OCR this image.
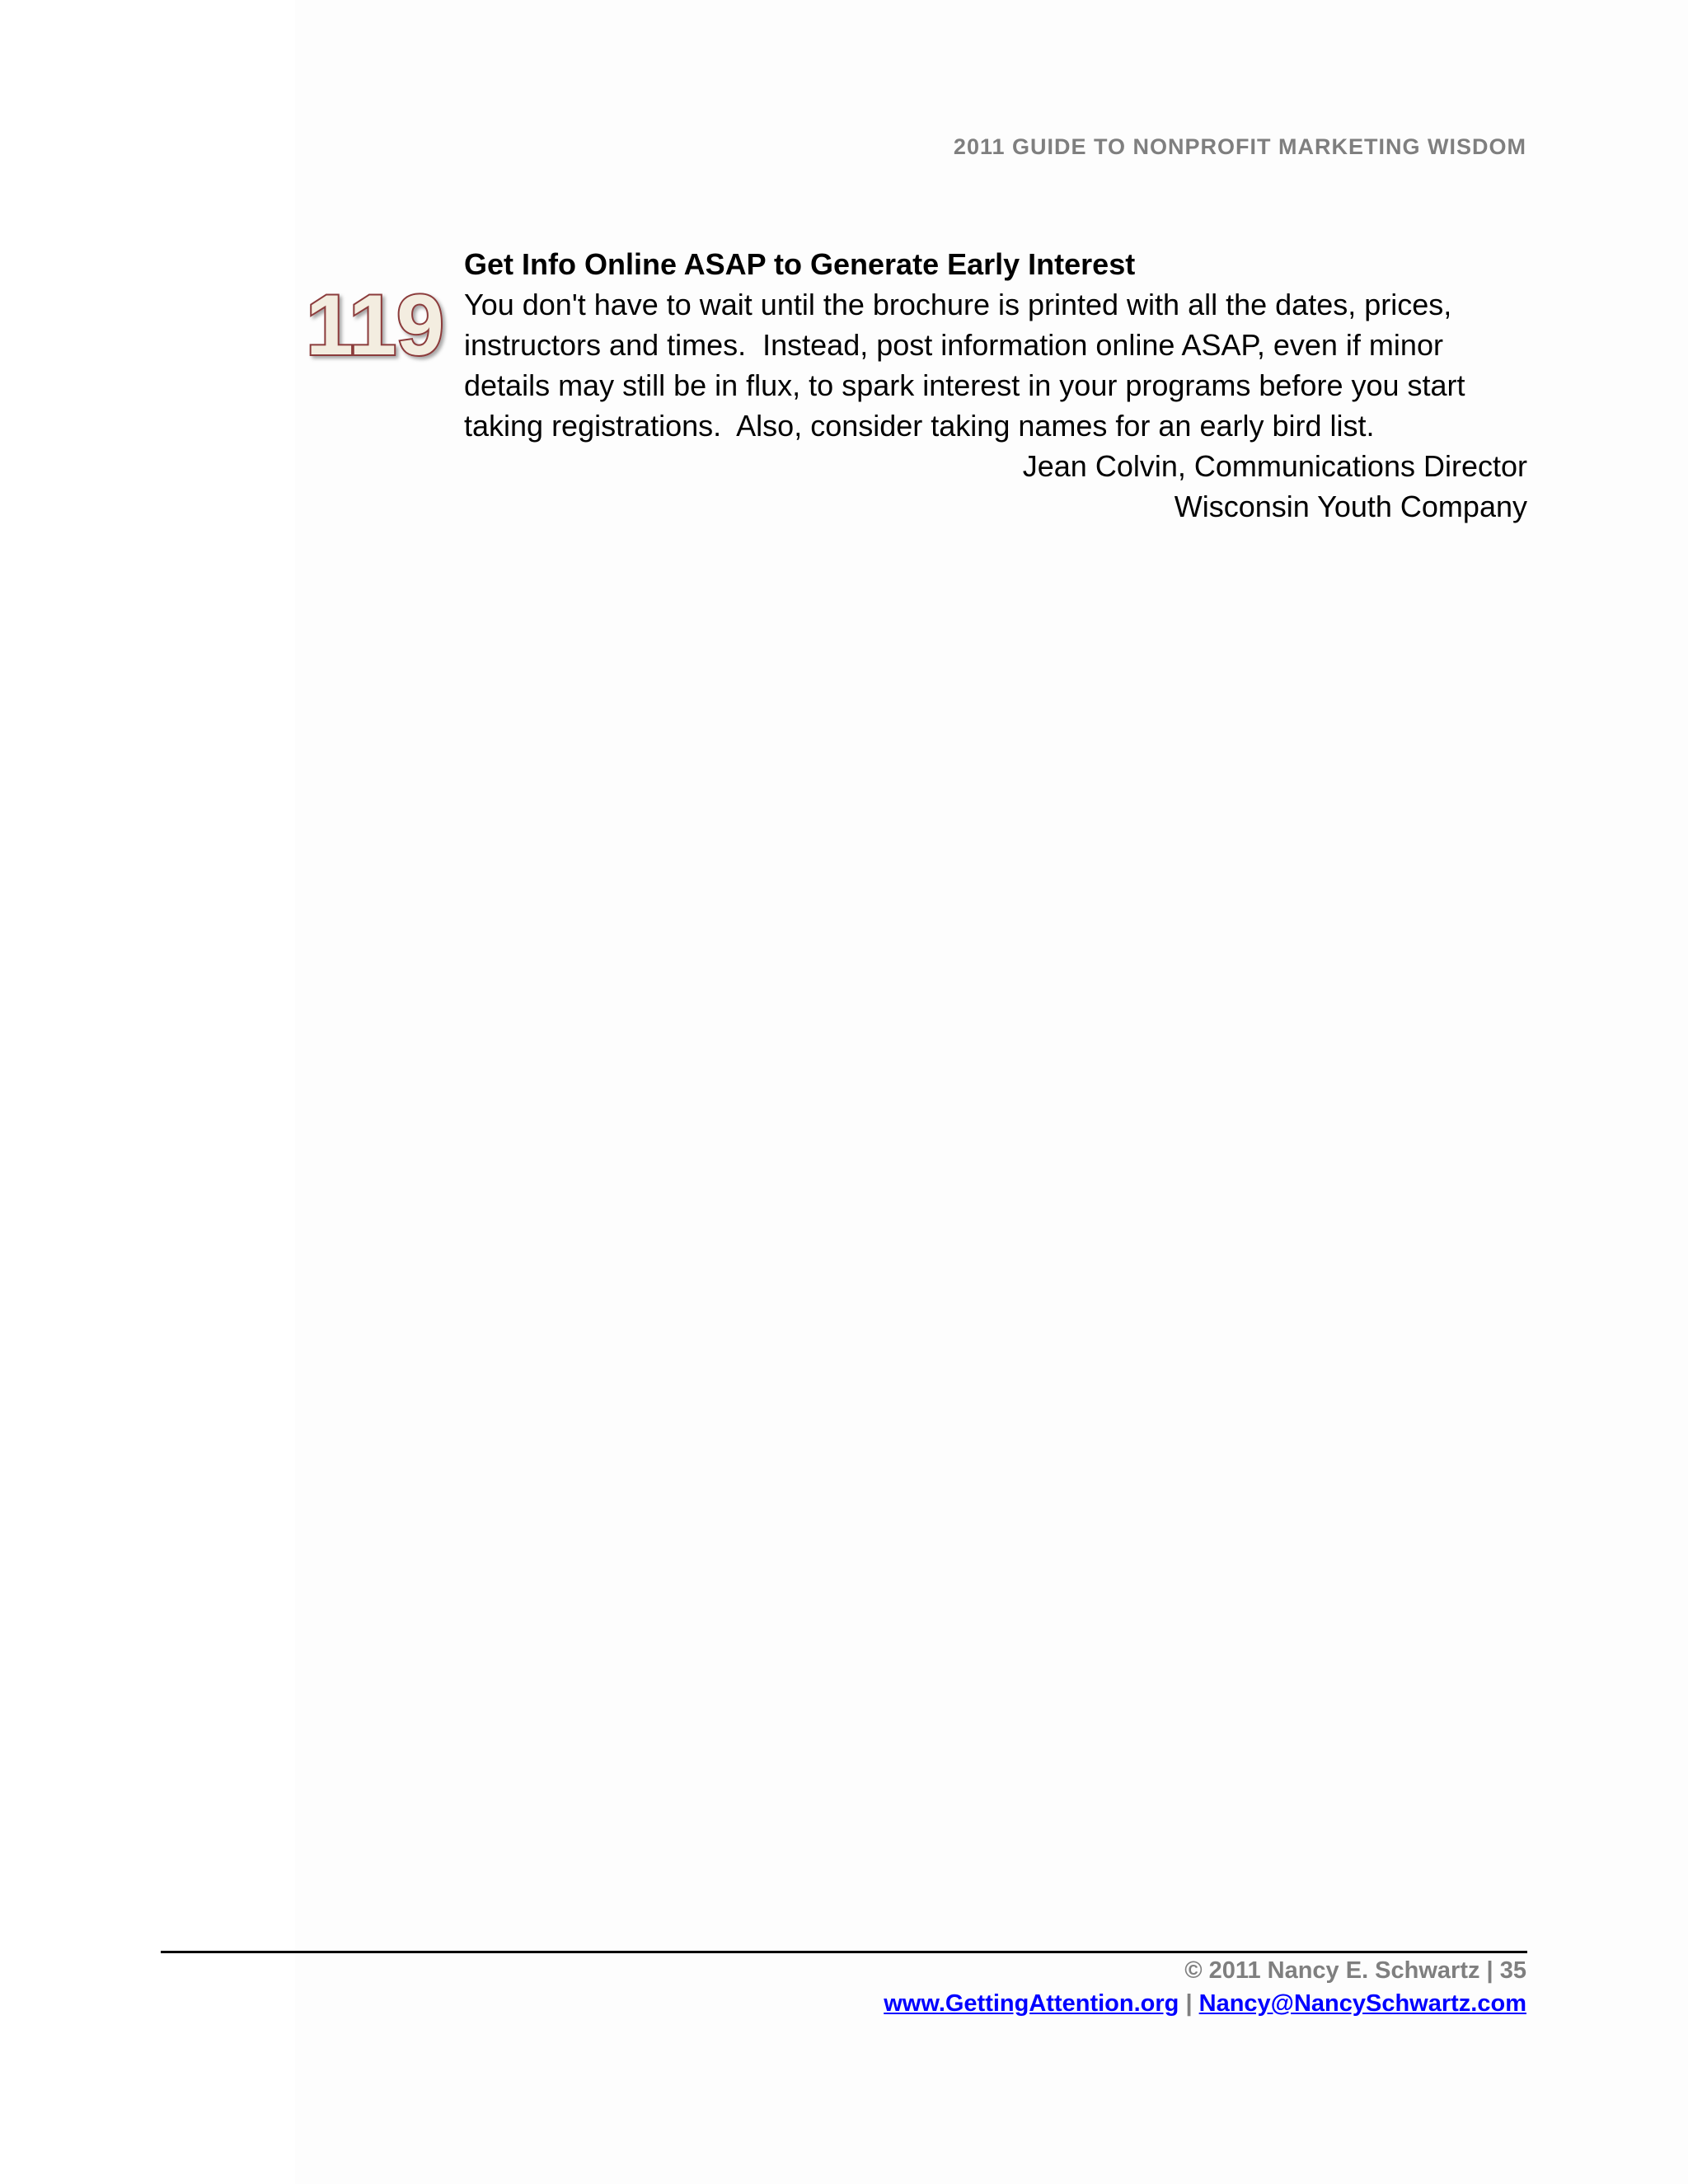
2011 GUIDE TO NONPROFIT MARKETING WISDOM
119
Get Info Online ASAP to Generate Early Interest

You don't have to wait until the brochure is printed with all the dates, prices,
instructors and times.  Instead, post information online ASAP, even if minor
details may still be in flux, to spark interest in your programs before you start
taking registrations.  Also, consider taking names for an early bird list.

Jean Colvin, Communications Director
Wisconsin Youth Company
© 2011 Nancy E. Schwartz | 35
www.GettingAttention.org | Nancy@NancySchwartz.com
